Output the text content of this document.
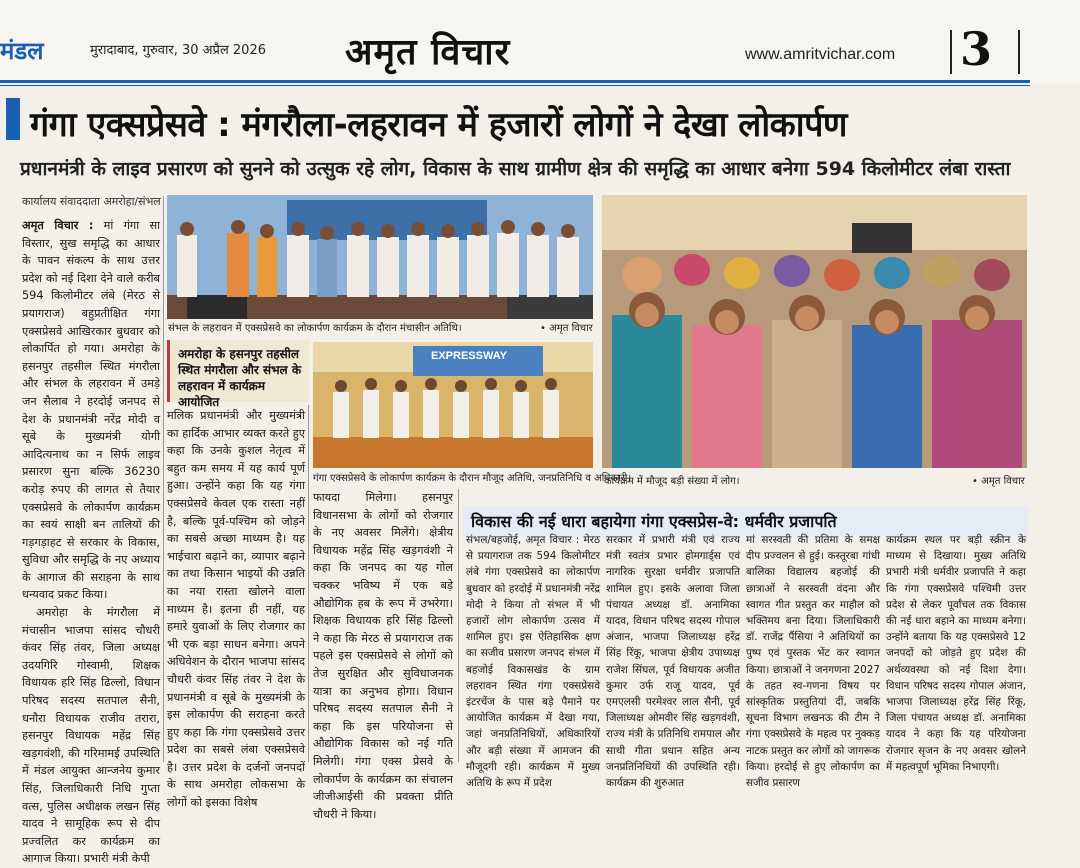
मंडल	मुरादाबाद, गुरुवार, 30 अप्रैल 2026 अमृत विचार	www.amritvichar.com 3
गंगा एक्सप्रेसवे : मंगरौला-लहरावन में हजारों लोगों ने देखा लोकार्पण
प्रधानमंत्री के लाइव प्रसारण को सुनने को उत्सुक रहे लोग, विकास के साथ ग्रामीण क्षेत्र की समृद्धि का आधार बनेगा 594 किलोमीटर लंबा रास्ता
कार्यालय संवाददाता अमरोहा/संभल
अमृत विचार : मां गंगा सा विस्तार, सुख समृद्धि का आधार के पावन संकल्प के साथ उत्तर प्रदेश को नई दिशा देने वाले करीब 594 किलोमीटर लंबे (मेरठ से प्रयागराज) बहुप्रतीक्षित गंगा एक्सप्रेसवे आखिरकार बुधवार को लोकार्पित हो गया। अमरोहा के हसनपुर तहसील स्थित मंगरौला और संभल के लहरावन में उमड़े जन सैलाब ने हरदोई जनपद से देश के प्रधानमंत्री नरेंद्र मोदी व सूबे के मुख्यमंत्री योगी आदित्यनाथ का न सिर्फ लाइव प्रसारण सुना बल्कि 36230 करोड़ रुपए की लागत से तैयार एक्सप्रेसवे के लोकार्पण कार्यक्रम का स्वयं साक्षी बन तालियों की गड़गड़ाहट से सरकार के विकास, सुविधा और समृद्धि के नए अध्याय के आगाज की सराहना के साथ धन्यवाद प्रकट किया।
अमरोहा के मंगरौला में मंचासीन भाजपा सांसद चौधरी कंवर सिंह तंवर, जिला अध्यक्ष उदयगिरि गोस्वामी, शिक्षक विधायक हरि सिंह ढिल्लो, विधान परिषद सदस्य सतपाल सैनी, धनौरा विधायक राजीव तरारा, हसनपुर विधायक महेंद्र सिंह खड़गवंशी, की गरिमामई उपस्थिति में मंडल आयुक्त आन्जनेय कुमार सिंह, जिलाधिकारी निधि गुप्ता वत्स, पुलिस अधीक्षक लखन सिंह यादव ने सामूहिक रूप से दीप प्रज्वलित कर कार्यक्रम का आगाज किया। प्रभारी मंत्री केपी
संभल के लहरावन में एक्सप्रेसवे का लोकार्पण कार्यक्रम के दौरान मंचासीन अतिथि।	• अमृत विचार
अमरोहा के हसनपुर तहसील स्थित मंगरौला और संभल के लहरावन में कार्यक्रम आयोजित
EXPRESSWAY
गंगा एक्सप्रेसवे के लोकार्पण कार्यक्रम के दौरान मौजूद अतिथि, जनप्रतिनिधि व अधिकारी।
कार्यक्रम में मौजूद बड़ी संख्या में लोग।	• अमृत विचार
मलिक प्रधानमंत्री और मुख्यमंत्री का हार्दिक आभार व्यक्त करते हुए कहा कि उनके कुशल नेतृत्व में बहुत कम समय में यह कार्य पूर्ण हुआ। उन्होंने कहा कि यह गंगा एक्सप्रेसवे केवल एक रास्ता नहीं है, बल्कि पूर्व-पश्चिम को जोड़ने का सबसे अच्छा माध्यम है। यह भाईचारा बढ़ाने का, व्यापार बढ़ाने का तथा किसान भाइयों की उन्नति का नया रास्ता खोलने वाला माध्यम है। इतना ही नहीं, यह हमारे युवाओं के लिए रोजगार का भी एक बड़ा साधन बनेगा। अपने अधिवेशन के दौरान भाजपा सांसद चौधरी कंवर सिंह तंवर ने देश के प्रधानमंत्री व सूबे के मुख्यमंत्री के इस लोकार्पण की सराहना करते हुए कहा कि गंगा एक्सप्रेसवे उत्तर प्रदेश का सबसे लंबा एक्सप्रेसवे है। उत्तर प्रदेश के दर्जनों जनपदों के साथ अमरोहा लोकसभा के लोगों को इसका विशेष
फायदा मिलेगा। हसनपुर विधानसभा के लोगों को रोजगार के नए अवसर मिलेंगे। क्षेत्रीय विधायक महेंद्र सिंह खड़गवंशी ने कहा कि जनपद का यह गोल चक्कर भविष्य में एक बड़े औद्योगिक हब के रूप में उभरेगा। शिक्षक विधायक हरि सिंह ढिल्लो ने कहा कि मेरठ से प्रयागराज तक पहले इस एक्सप्रेसवे से लोगों को तेज सुरक्षित और सुविधाजनक यात्रा का अनुभव होगा। विधान परिषद सदस्य सतपाल सैनी ने कहा कि इस परियोजना से औद्योगिक विकास को नई गति मिलेगी। गंगा एक्स प्रेसवे के लोकार्पण के कार्यक्रम का संचालन जीजीआईसी की प्रवक्ता प्रीति चौधरी ने किया।
विकास की नई धारा बहायेगा गंगा एक्सप्रेस-वे: धर्मवीर प्रजापति
संभल/बहजोई, अमृत विचार : मेरठ से प्रयागराज तक 594 किलोमीटर लंबे गंगा एक्सप्रेसवे का लोकार्पण बुधवार को हरदोई में प्रधानमंत्री नरेंद्र मोदी ने किया तो संभल में भी हजारों लोग लोकार्पण उत्सव में शामिल हुए। इस ऐतिहासिक क्षण का सजीव प्रसारण जनपद संभल में बहजोई विकासखंड के ग्राम लहरावन स्थित गंगा एक्सप्रेसवे इंटरचेंज के पास बड़े पैमाने पर आयोजित कार्यक्रम में देखा गया, जहां जनप्रतिनिधियों, अधिकारियों और बड़ी संख्या में आमजन की मौजूदगी रही। कार्यक्रम में मुख्य अतिथि के रूप में प्रदेश
सरकार में प्रभारी मंत्री एवं राज्य मंत्री स्वतंत्र प्रभार होमगार्ड्स एवं नागरिक सुरक्षा धर्मवीर प्रजापति शामिल हुए। इसके अलावा जिला पंचायत अध्यक्ष डॉ. अनामिका यादव, विधान परिषद सदस्य गोपाल अंजान, भाजपा जिलाध्यक्ष हरेंद्र सिंह रिंकू, भाजपा क्षेत्रीय उपाध्यक्ष राजेश सिंघल, पूर्व विधायक अजीत कुमार उर्फ राजू यादव, पूर्व एमएलसी परमेश्वर लाल सैनी, पूर्व जिलाध्यक्ष ओमवीर सिंह खड़गवंशी, राज्य मंत्री के प्रतिनिधि रामपाल और साथी गीता प्रधान सहित अन्य जनप्रतिनिधियों की उपस्थिति रही। कार्यक्रम की शुरुआत
मां सरस्वती की प्रतिमा के समक्ष दीप प्रज्वलन से हुई। कस्तूरबा गांधी बालिका विद्यालय बहजोई की छात्राओं ने सरस्वती वंदना और स्वागत गीत प्रस्तुत कर माहौल को भक्तिमय बना दिया। जिलाधिकारी डॉ. राजेंद्र पैंसिया ने अतिथियों का पुष्प एवं पुस्तक भेंट कर स्वागत किया। छात्राओं ने जनगणना 2027 के तहत स्व-गणना विषय पर सांस्कृतिक प्रस्तुतियां दीं, जबकि सूचना विभाग लखनऊ की टीम ने गंगा एक्सप्रेसवे के महत्व पर नुक्कड़ नाटक प्रस्तुत कर लोगों को जागरूक किया। हरदोई से हुए लोकार्पण का सजीव प्रसारण
कार्यक्रम स्थल पर बड़ी स्क्रीन के माध्यम से दिखाया। मुख्य अतिथि प्रभारी मंत्री धर्मवीर प्रजापति ने कहा कि गंगा एक्सप्रेसवे पश्चिमी उत्तर प्रदेश से लेकर पूर्वांचल तक विकास की नई धारा बहाने का माध्यम बनेगा। उन्होंने बताया कि यह एक्सप्रेसवे 12 जनपदों को जोड़ते हुए प्रदेश की अर्थव्यवस्था को नई दिशा देगा। विधान परिषद सदस्य गोपाल अंजान, भाजपा जिलाध्यक्ष हरेंद्र सिंह रिंकू, जिला पंचायत अध्यक्ष डॉ. अनामिका यादव ने कहा कि यह परियोजना रोजगार सृजन के नए अवसर खोलने में महत्वपूर्ण भूमिका निभाएगी।
